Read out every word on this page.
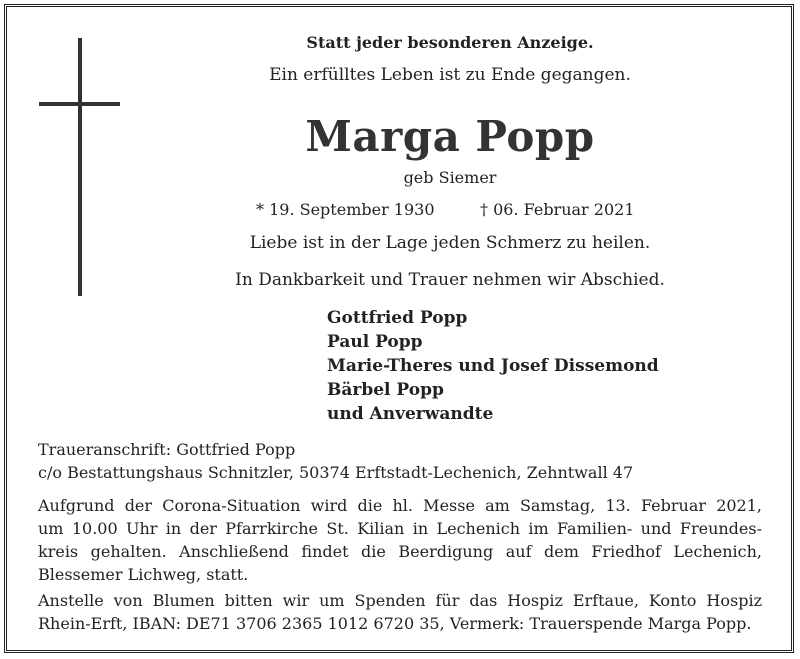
Statt jeder besonderen Anzeige.
Ein erfülltes Leben ist zu Ende gegangen.
Marga Popp
geb Siemer
* 19. September 1930	† 06. Februar 2021
Liebe ist in der Lage jeden Schmerz zu heilen.
In Dankbarkeit und Trauer nehmen wir Abschied.
Gottfried Popp
Paul Popp
Marie-Theres und Josef Dissemond
Bärbel Popp
und Anverwandte
Traueranschrift: Gottfried Popp
c/o Bestattungshaus Schnitzler, 50374 Erftstadt-Lechenich, Zehntwall 47
Aufgrund der Corona-Situation wird die hl. Messe am Samstag, 13. Februar 2021,
um 10.00 Uhr in der Pfarrkirche St. Kilian in Lechenich im Familien- und Freundes-
kreis gehalten. Anschließend findet die Beerdigung auf dem Friedhof Lechenich,
Blessemer Lichweg, statt.
Anstelle von Blumen bitten wir um Spenden für das Hospiz Erftaue, Konto Hospiz
Rhein-Erft, IBAN: DE71 3706 2365 1012 6720 35, Vermerk: Trauerspende Marga Popp.
